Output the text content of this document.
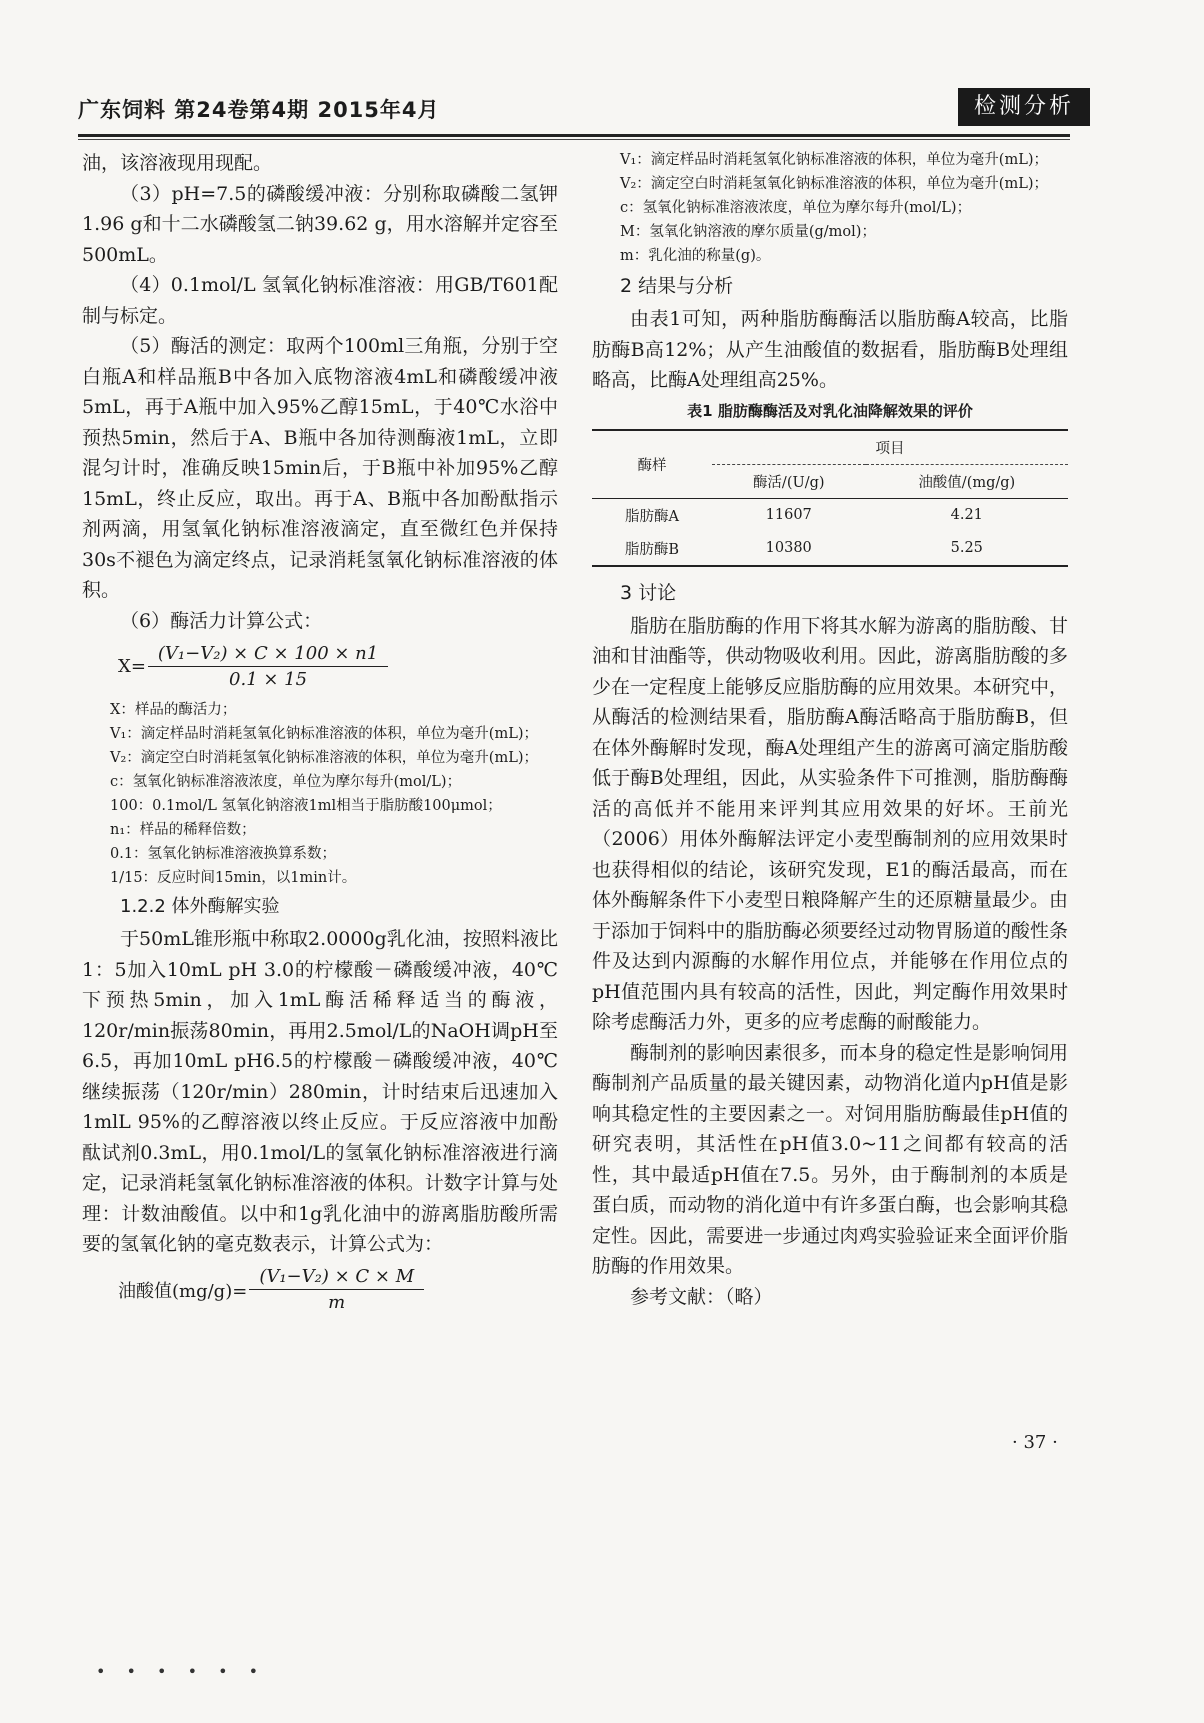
广东饲料 第24卷第4期 2015年4月	检测分析

油，该溶液现用现配。

（3）pH=7.5的磷酸缓冲液：分别称取磷酸二氢钾1.96 g和十二水磷酸氢二钠39.62 g，用水溶解并定容至500mL。

（4）0.1mol/L 氢氧化钠标准溶液：用GB/T601配制与标定。

（5）酶活的测定：取两个100ml三角瓶，分别于空白瓶A和样品瓶B中各加入底物溶液4mL和磷酸缓冲液5mL，再于A瓶中加入95%乙醇15mL，于40℃水浴中预热5min，然后于A、B瓶中各加待测酶液1mL，立即混匀计时，准确反映15min后，于B瓶中补加95%乙醇15mL，终止反应，取出。再于A、B瓶中各加酚酞指示剂两滴，用氢氧化钠标准溶液滴定，直至微红色并保持30s不褪色为滴定终点，记录消耗氢氧化钠标准溶液的体积。

（6）酶活力计算公式：

$X= \frac{\text{(V₁−V₂) × C × 100 × n1}}{0.1 \times 15}$

X：样品的酶活力；

V₁：滴定样品时消耗氢氧化钠标准溶液的体积，单位为毫升(mL)；

V₂：滴定空白时消耗氢氧化钠标准溶液的体积，单位为毫升(mL)；

c：氢氧化钠标准溶液浓度，单位为摩尔每升(mol/L)；

100：0.1mol/L 氢氧化钠溶液1ml相当于脂肪酸100μmol；

n₁：样品的稀释倍数；

0.1：氢氧化钠标准溶液换算系数；

1/15：反应时间15min，以1min计。

1.2.2 体外酶解实验

于50mL锥形瓶中称取2.0000g乳化油，按照料液比1：5加入10mL pH 3.0的柠檬酸－磷酸缓冲液，40℃下预热5min，加入1mL酶活稀释适当的酶液，120r/min振荡80min，再用2.5mol/L的NaOH调pH至6.5，再加10mL pH6.5的柠檬酸－磷酸缓冲液，40℃继续振荡（120r/min）280min，计时结束后迅速加入1mlL 95%的乙醇溶液以终止反应。于反应溶液中加酚酞试剂0.3mL，用0.1mol/L的氢氧化钠标准溶液进行滴定，记录消耗氢氧化钠标准溶液的体积。计数字计算与处理：计数油酸值。以中和1g乳化油中的游离脂肪酸所需要的氢氧化钠的毫克数表示，计算公式为：

油酸值$(mg/g)= \frac{\text{(V₁−V₂) × C × M}}{m}$

V₁：滴定样品时消耗氢氧化钠标准溶液的体积，单位为毫升(mL)；

V₂：滴定空白时消耗氢氧化钠标准溶液的体积，单位为毫升(mL)；

c：氢氧化钠标准溶液浓度，单位为摩尔每升(mol/L)；

M：氢氧化钠溶液的摩尔质量(g/mol)；

m：乳化油的称量(g)。

2 结果与分析

由表1可知，两种脂肪酶酶活以脂肪酶A较高，比脂肪酶B高12%；从产生油酸值的数据看，脂肪酶B处理组略高，比酶A处理组高25%。

表1 脂肪酶酶活及对乳化油降解效果的评价
酶样	项目	
	酶活/(U/g)	油酸值/(mg/g)
脂肪酶A	11607	4.21
脂肪酶B	10380	5.25
3 讨论

脂肪在脂肪酶的作用下将其水解为游离的脂肪酸、甘油和甘油酯等，供动物吸收利用。因此，游离脂肪酸的多少在一定程度上能够反应脂肪酶的应用效果。本研究中，从酶活的检测结果看，脂肪酶A酶活略高于脂肪酶B，但在体外酶解时发现，酶A处理组产生的游离可滴定脂肪酸低于酶B处理组，因此，从实验条件下可推测，脂肪酶酶活的高低并不能用来评判其应用效果的好坏。王前光（2006）用体外酶解法评定小麦型酶制剂的应用效果时也获得相似的结论，该研究发现，E1的酶活最高，而在体外酶解条件下小麦型日粮降解产生的还原糖量最少。由于添加于饲料中的脂肪酶必须要经过动物胃肠道的酸性条件及达到内源酶的水解作用位点，并能够在作用位点的pH值范围内具有较高的活性，因此，判定酶作用效果时除考虑酶活力外，更多的应考虑酶的耐酸能力。

酶制剂的影响因素很多，而本身的稳定性是影响饲用酶制剂产品质量的最关键因素，动物消化道内pH值是影响其稳定性的主要因素之一。对饲用脂肪酶最佳pH值的研究表明，其活性在pH值3.0~11之间都有较高的活性，其中最适pH值在7.5。另外，由于酶制剂的本质是蛋白质，而动物的消化道中有许多蛋白酶，也会影响其稳定性。因此，需要进一步通过肉鸡实验验证来全面评价脂肪酶的作用效果。

参考文献：（略）

· 37 ·
• • • • • •
